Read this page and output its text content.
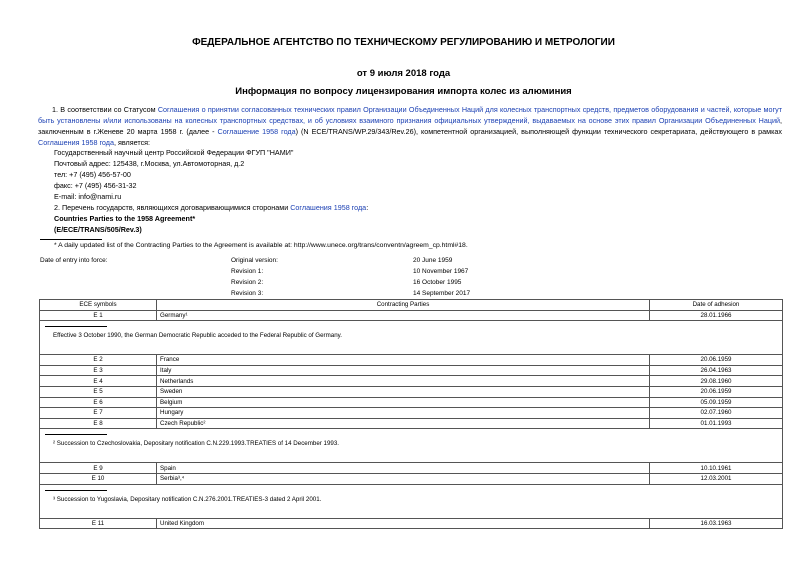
ФЕДЕРАЛЬНОЕ АГЕНТСТВО ПО ТЕХНИЧЕСКОМУ РЕГУЛИРОВАНИЮ И МЕТРОЛОГИИ
от 9 июля 2018 года
Информация по вопросу лицензирования импорта колес из алюминия
1. В соответствии со Статусом Соглашения о принятии согласованных технических правил Организации Объединенных Наций для колесных транспортных средств, предметов оборудования и частей, которые могут быть установлены и/или использованы на колесных транспортных средствах, и об условиях взаимного признания официальных утверждений, выдаваемых на основе этих правил Организации Объединенных Наций, заключенным в г.Женеве 20 марта 1958 г. (далее - Соглашение 1958 года) (N ECE/TRANS/WP.29/343/Rev.26), компетентной организацией, выполняющей функции технического секретариата, действующего в рамках Соглашения 1958 года, является:
Государственный научный центр Российской Федерации ФГУП "НАМИ"
Почтовый адрес: 125438, г.Москва, ул.Автомоторная, д.2
тел: +7 (495) 456-57-00
факс: +7 (495) 456-31-32
E-mail: info@nami.ru
2. Перечень государств, являющихся договаривающимися сторонами Соглашения 1958 года:
Countries Parties to the 1958 Agreement*
(E/ECE/TRANS/505/Rev.3)
* A daily updated list of the Contracting Parties to the Agreement is available at: http://www.unece.org/trans/conventn/agreem_cp.html#18.
Date of entry into force:	Original version:	20 June 1959
Revision 1:	10 November 1967
Revision 2:	16 October 1995
Revision 3:	14 September 2017
ECE symbols	Contracting Parties	Date of adhesion
E 1	Germany¹	28.01.1966

Effective 3 October 1990, the German Democratic Republic acceded to the Federal Republic of Germany.		

E 2	France	20.06.1959
E 3	Italy	26.04.1963
E 4	Netherlands	29.08.1960
E 5	Sweden	20.06.1959
E 6	Belgium	05.09.1959
E 7	Hungary	02.07.1960
E 8	Czech Republic²	01.01.1993

² Succession to Czechoslovakia, Depositary notification C.N.229.1993.TREATIES of 14 December 1993.		

E 9	Spain	10.10.1961
E 10	Serbia³,⁴	12.03.2001

³ Succession to Yugoslavia, Depositary notification C.N.276.2001.TREATIES-3 dated 2 April 2001.		

E 11	United Kingdom	16.03.1963
